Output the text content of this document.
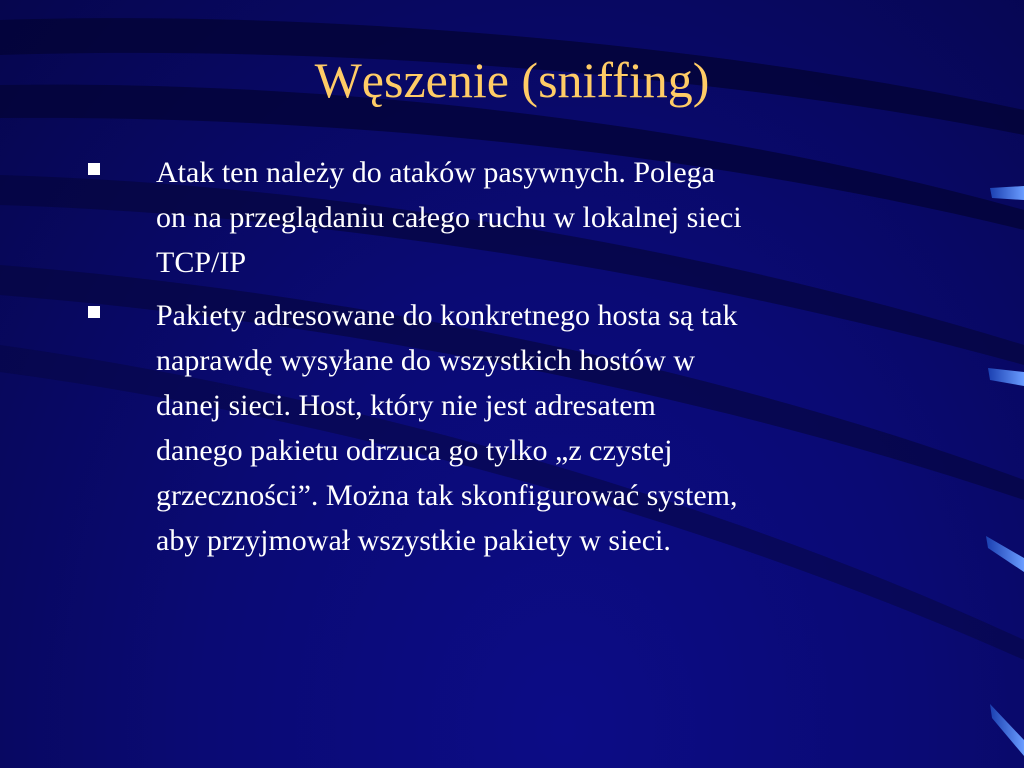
Węszenie (sniffing)
Atak ten należy do ataków pasywnych. Polega
on na przeglądaniu całego ruchu w lokalnej sieci
TCP/IP
Pakiety adresowane do konkretnego hosta są tak
naprawdę wysyłane do wszystkich hostów w
danej sieci. Host, który nie jest adresatem
danego pakietu odrzuca go tylko „z czystej
grzeczności”. Można tak skonfigurować system,
aby przyjmował wszystkie pakiety w sieci.
